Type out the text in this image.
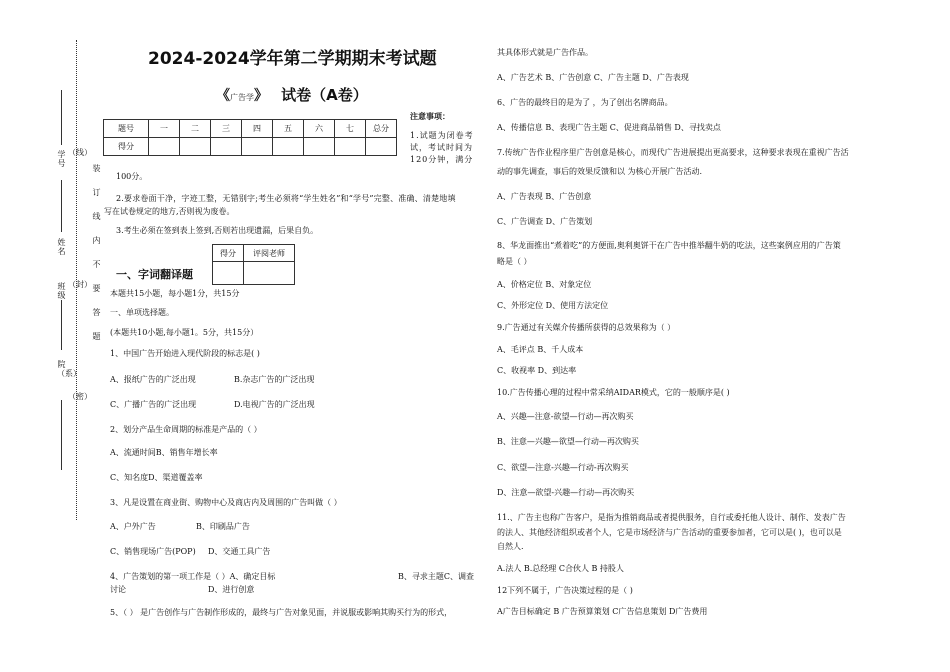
学号
姓名
班级
院（系）
（线）
（封）
（密）
装订线内不要答题
2024-2024学年第二学期期末考试题
《广告学》 试卷（A卷）
题号	一	二	三	四	五	六	七	总分
得分								
注意事项：
1.试题为闭卷考
试，考试时间为
120分钟，满分
100分。
2.要求卷面干净，字迹工整，无错别字;考生必须将“学生姓名”和“学号”完整、准确、清楚地填
写在试卷规定的地方,否则视为废卷。
3.考生必须在签到表上签到,否则若出现遗漏，后果自负。
得分	评阅老师

一、字词翻译题
本题共15小题，每小题1分，共15分
一、单项选择题。
(本题共10小题,每小题1。5分，共15分）
1、中国广告开始进入现代阶段的标志是( )
A、报纸广告的广泛出现	B.杂志广告的广泛出现
C、广播广告的广泛出现	D.电视广告的广泛出现
2、划分产品生命周期的标准是产品的（ ）
A、流通时间B、销售年增长率
C、知名度D、渠道覆盖率
3、凡是设置在商业街、购物中心及商店内及周围的广告叫做（ ）
A、户外广告	B、印刷品广告
C、销售现场广告(POP) D、交通工具广告
4、广告策划的第一项工作是（ ）A、确定目标	B、寻求主题C、调查
讨论	D、进行创意
5、（ ） 是广告创作与广告制作形成的，最终与广告对象见面，并说服或影响其购买行为的形式，
其具体形式就是广告作品。
A、广告艺术 B、广告创意 C、广告主题 D、广告表现
6、广告的最终目的是为了 ，为了创出名牌商品。
A、传播信息 B、表现广告主题 C、促进商品销售 D、寻找卖点
7.传统广告作业程序里广告创意是核心，而现代广告进展提出更高要求，这种要求表现在重视广告活
动的事先调查，事后的效果反馈和以 为核心开展广告活动.
A、广告表现 B、广告创意
C、广告调查 D、广告策划
8、华龙面推出“煮着吃”的方便面,奥利奥饼干在广告中推举翻牛奶的吃法，这些案例应用的广告策
略是（ ）
A、价格定位 B、对象定位
C、外形定位 D、使用方法定位
9.广告通过有关媒介传播所获得的总效果称为（ ）
A、毛评点 B、千人成本
C、收视率 D、到达率
10.广告传播心理的过程中常采纳AIDAR模式，它的一般顺序是( )
A、兴趣—注意-欲望—行动—再次购买
B、注意—兴趣—欲望—行动—再次购买
C、欲望—注意-兴趣—行动-再次购买
D、注意—欲望-兴趣—行动—再次购买
11.、广告主也称广告客户，是指为推销商品或者提供服务，自行或委托他人设计、制作、发表广告
的法人、其他经济组织或者个人，它是市场经济与广告活动的重要参加者，它可以是( )，也可以是
自然人.
A.法人 B.总经理 C合伙人 B 持股人
12下列不属于，广告决策过程的是（ )
A广告目标确定 B 广告预算策划 C广告信息策划 D广告费用
